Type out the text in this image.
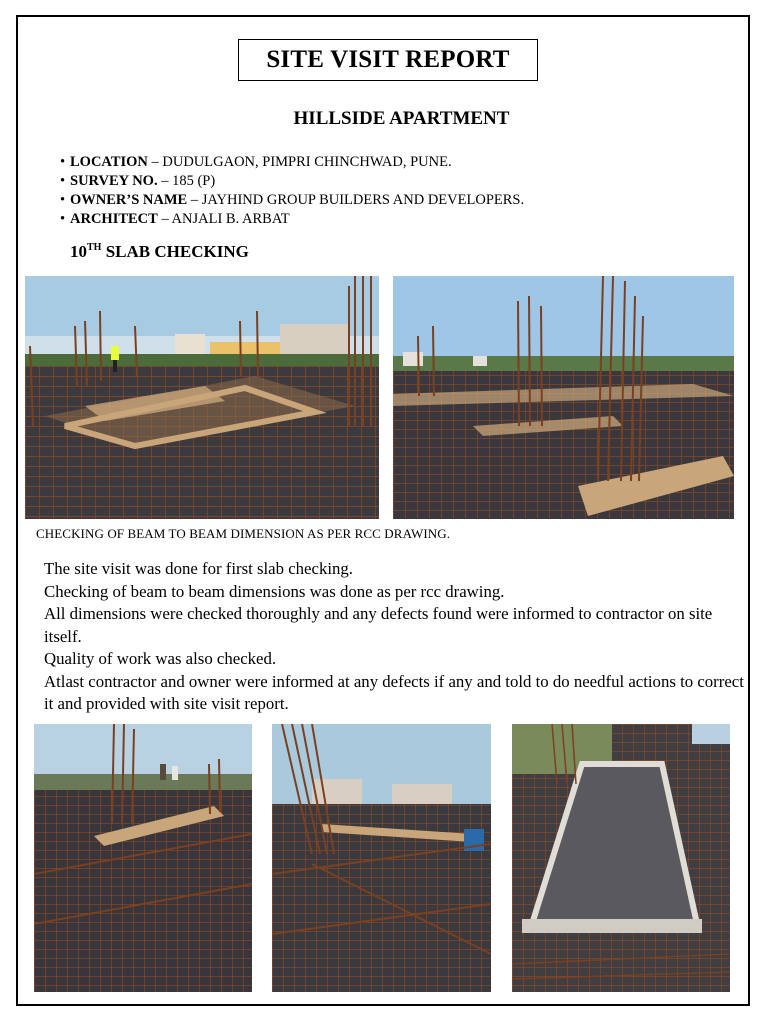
SITE VISIT REPORT
HILLSIDE APARTMENT
• LOCATION – DUDULGAON, PIMPRI CHINCHWAD, PUNE.
• SURVEY NO. – 185 (P)
• OWNER’S NAME – JAYHIND GROUP BUILDERS AND DEVELOPERS.
• ARCHITECT – ANJALI B. ARBAT
10TH SLAB CHECKING
CHECKING OF BEAM TO BEAM DIMENSION AS PER RCC DRAWING.

The site visit was done for first slab checking.

Checking of beam to beam dimensions was done as per rcc drawing.

All dimensions were checked thoroughly and any defects found were informed to contractor on site itself.

Quality of work was also checked.

Atlast contractor and owner were informed at any defects if any and told to do needful actions to correct it and provided with site visit report.
